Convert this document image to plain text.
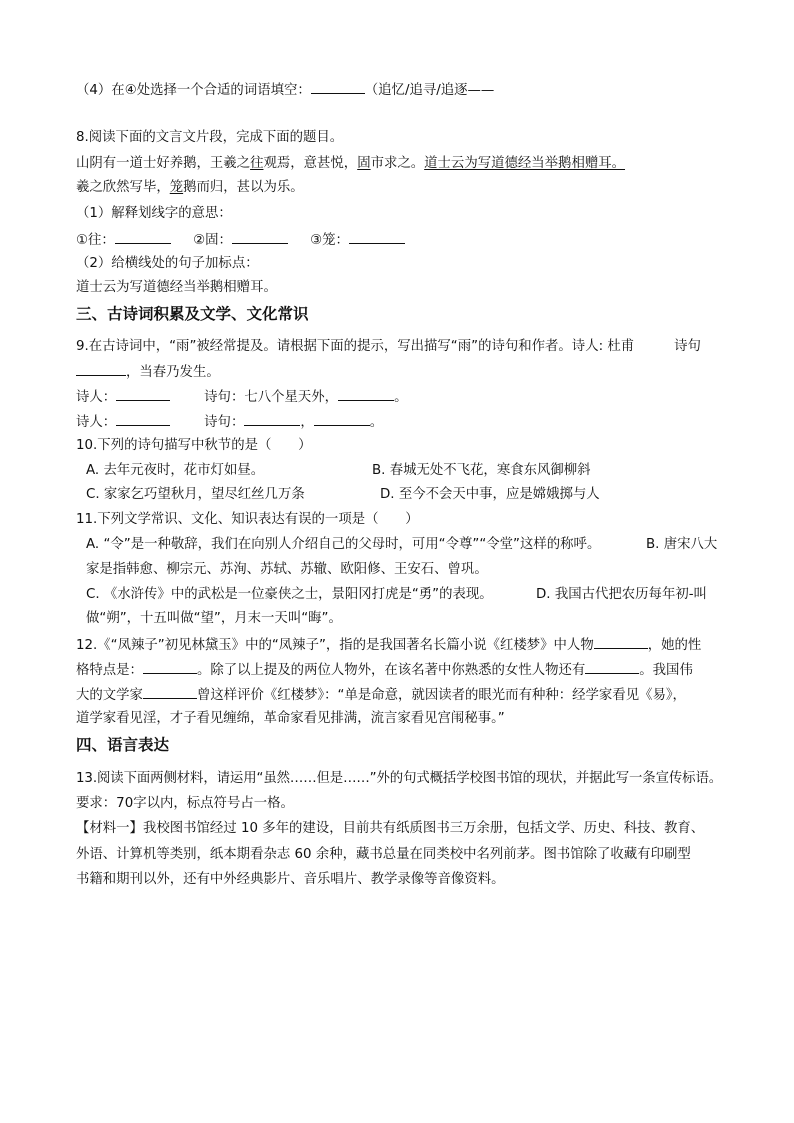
（4）在④处选择一个合适的词语填空：	（追忆/追寻/追逐——
8.阅读下面的文言文片段，完成下面的题目。
山阴有一道士好养鹅，王羲之往观焉，意甚悦，固市求之。道士云为写道德经当举鹅相赠耳。
羲之欣然写毕，笼鹅而归，甚以为乐。
（1）解释划线字的意思：
①往：	②固：	③笼：
（2）给横线处的句子加标点：
道士云为写道德经当举鹅相赠耳。
三、古诗词积累及文学、文化常识
9.在古诗词中，“雨”被经常提及。请根据下面的提示，写出描写“雨”的诗句和作者。诗人: 杜甫	诗句
，当春乃发生。
诗人：	诗句：七八个星天外，	。
诗人：	诗句：	，	。
10.下列的诗句描写中秋节的是（　　）
A. 去年元夜时，花市灯如昼。	B. 春城无处不飞花，寒食东风御柳斜
C. 家家乞巧望秋月，望尽红丝几万条	D. 至今不会天中事，应是嫦娥掷与人
11.下列文学常识、文化、知识表达有误的一项是（　　）
A. “令”是一种敬辞，我们在向别人介绍自己的父母时，可用“令尊”“令堂”这样的称呼。	B. 唐宋八大
家是指韩愈、柳宗元、苏洵、苏轼、苏辙、欧阳修、王安石、曾巩。
C. 《水浒传》中的武松是一位豪侠之士，景阳冈打虎是“勇”的表现。	D. 我国古代把农历每年初-叫
做“朔”，十五叫做“望”，月末一天叫“晦”。
12.《“凤辣子”初见林黛玉》中的“凤辣子”，指的是我国著名长篇小说《红楼梦》中人物	，她的性
格特点是：	。除了以上提及的两位人物外，在该名著中你熟悉的女性人物还有	。我国伟
大的文学家	曾这样评价《红楼梦》：“单是命意，就因读者的眼光而有种种：经学家看见《易》，
道学家看见淫，才子看见缠绵，革命家看见排满，流言家看见宫闱秘事。”
四、语言表达
13.阅读下面两侧材料，请运用“虽然……但是……”外的句式概括学校图书馆的现状，并据此写一条宣传标语。
要求：70字以内，标点符号占一格。
【材料一】我校图书馆经过 10 多年的建设，目前共有纸质图书三万余册，包括文学、历史、科技、教育、
外语、计算机等类别，纸本期看杂志 60 余种，藏书总量在同类校中名列前茅。图书馆除了收藏有印刷型
书籍和期刊以外，还有中外经典影片、音乐唱片、教学录像等音像资料。
